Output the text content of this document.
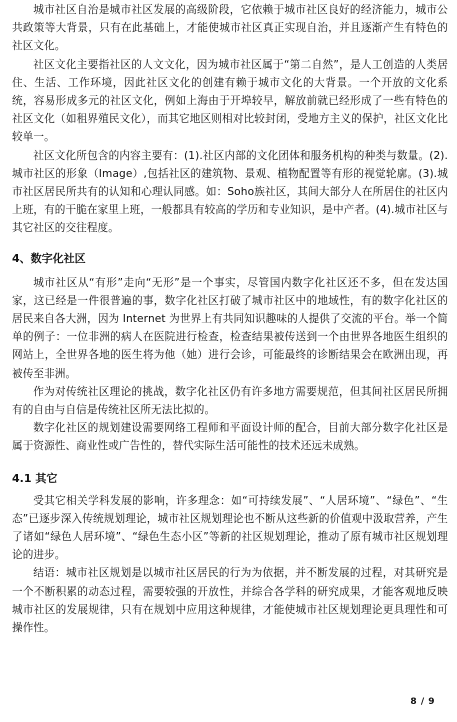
城市社区自治是城市社区发展的高级阶段，它依赖于城市社区良好的经济能力，城市公共政策等大背景，只有在此基础上，才能使城市社区真正实现自治，并且逐渐产生有特色的社区文化。

社区文化主要指社区的人文文化，因为城市社区属于“第二自然”，是人工创造的人类居住、生活、工作环境，因此社区文化的创建有赖于城市文化的大背景。一个开放的文化系统，容易形成多元的社区文化，例如上海由于开埠较早，解放前就已经形成了一些有特色的社区文化（如租界殖民文化），而其它地区则相对比较封闭，受地方主义的保护，社区文化比较单一。

社区文化所包含的内容主要有：(1).社区内部的文化团体和服务机构的种类与数量。(2).城市社区的形象（Image）,包括社区的建筑物、景观、植物配置等有形的视觉轮廓。(3).城市社区居民所共有的认知和心理认同感。如：Soho族社区，其间大部分人在所居住的社区内上班，有的干脆在家里上班，一般都具有较高的学历和专业知识，是中产者。(4).城市社区与其它社区的交往程度。

4、数字化社区

城市社区从“有形”走向“无形”是一个事实，尽管国内数字化社区还不多，但在发达国家，这已经是一件很普遍的事，数字化社区打破了城市社区中的地域性，有的数字化社区的居民来自各大洲，因为 Internet 为世界上有共同知识趣味的人提供了交流的平台。举一个简单的例子：一位非洲的病人在医院进行检查，检查结果被传送到一个由世界各地医生组织的网站上，全世界各地的医生将为他（她）进行会诊，可能最终的诊断结果会在欧洲出现，再被传至非洲。

作为对传统社区理论的挑战，数字化社区仍有许多地方需要规范，但其间社区居民所拥有的自由与自信是传统社区所无法比拟的。

数字化社区的规划建设需要网络工程师和平面设计师的配合，目前大部分数字化社区是属于资源性、商业性或广告性的，替代实际生活可能性的技术还远未成熟。

4.1 其它

受其它相关学科发展的影响，许多理念：如“可持续发展”、“人居环境”、“绿色”、“生态”已逐步深入传统规划理论，城市社区规划理论也不断从这些新的价值观中汲取营养，产生了诸如“绿色人居环境”、“绿色生态小区”等新的社区规划理论，推动了原有城市社区规划理论的进步。

结语：城市社区规划是以城市社区居民的行为为依据，并不断发展的过程，对其研究是一个不断积累的动态过程，需要较强的开放性，并综合各学科的研究成果，才能客观地反映城市社区的发展规律，只有在规划中应用这种规律，才能使城市社区规划理论更具理性和可操作性。

8 / 9
